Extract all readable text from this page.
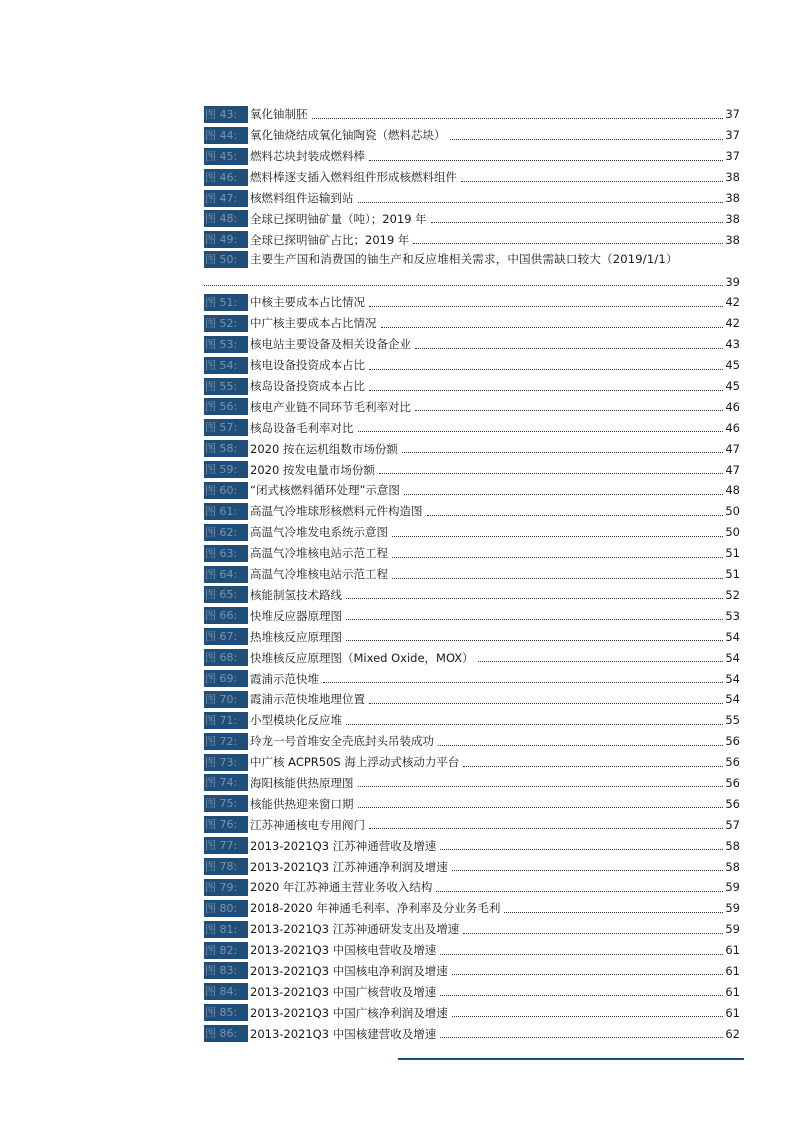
图 43:	氧化铀制胚	37
图 44:	氧化铀烧结成氧化铀陶瓷（燃料芯块）	37
图 45:	燃料芯块封装成燃料棒	37
图 46:	燃料棒逐支插入燃料组件形成核燃料组件	38
图 47:	核燃料组件运输到站	38
图 48:	全球已探明铀矿量（吨）；2019 年	38
图 49:	全球已探明铀矿占比；2019 年	38
图 50:	主要生产国和消费国的铀生产和反应堆相关需求，中国供需缺口较大（2019/1/1）
39
图 51:	中核主要成本占比情况	42
图 52:	中广核主要成本占比情况	42
图 53:	核电站主要设备及相关设备企业	43
图 54:	核电设备投资成本占比	45
图 55:	核岛设备投资成本占比	45
图 56:	核电产业链不同环节毛利率对比	46
图 57:	核岛设备毛利率对比	46
图 58:	2020 按在运机组数市场份额	47
图 59:	2020 按发电量市场份额	47
图 60:	“闭式核燃料循环处理”示意图	48
图 61:	高温气冷堆球形核燃料元件构造图	50
图 62:	高温气冷堆发电系统示意图	50
图 63:	高温气冷堆核电站示范工程	51
图 64:	高温气冷堆核电站示范工程	51
图 65:	核能制氢技术路线	52
图 66:	快堆反应器原理图	53
图 67:	热堆核反应原理图	54
图 68:	快堆核反应原理图（Mixed Oxide，MOX）	54
图 69:	霞浦示范快堆	54
图 70:	霞浦示范快堆地理位置	54
图 71:	小型模块化反应堆	55
图 72:	玲龙一号首堆安全壳底封头吊装成功	56
图 73:	中广核 ACPR50S 海上浮动式核动力平台	56
图 74:	海阳核能供热原理图	56
图 75:	核能供热迎来窗口期	56
图 76:	江苏神通核电专用阀门	57
图 77:	2013-2021Q3 江苏神通营收及增速	58
图 78:	2013-2021Q3 江苏神通净利润及增速	58
图 79:	2020 年江苏神通主营业务收入结构	59
图 80:	2018-2020 年神通毛利率、净利率及分业务毛利	59
图 81:	2013-2021Q3 江苏神通研发支出及增速	59
图 82:	2013-2021Q3 中国核电营收及增速	61
图 83:	2013-2021Q3 中国核电净利润及增速	61
图 84:	2013-2021Q3 中国广核营收及增速	61
图 85:	2013-2021Q3 中国广核净利润及增速	61
图 86:	2013-2021Q3 中国核建营收及增速	62
